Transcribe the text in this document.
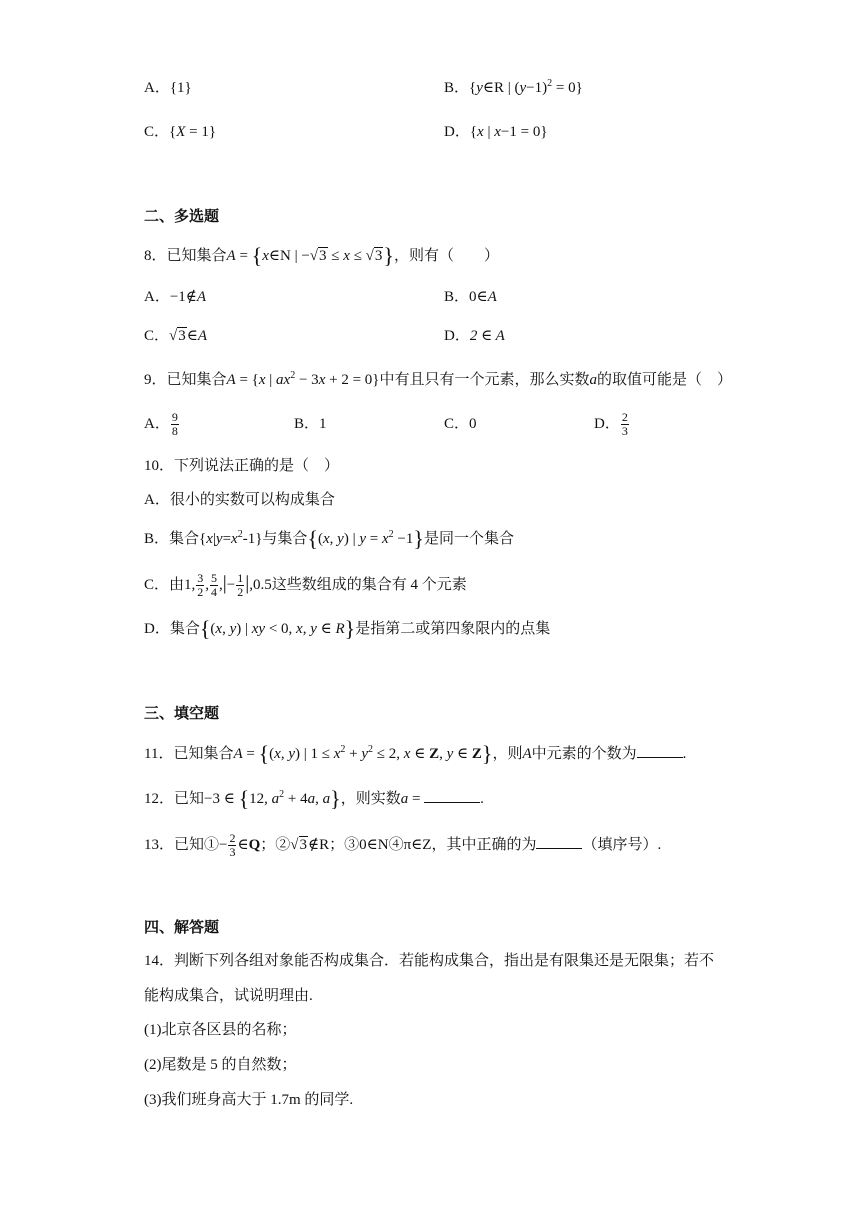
A．{1}	B．{y∈R | $(y-1)^2 = 0$}
C．{X = 1}	D．{x | x−1 = 0}
二、多选题
8．已知集合A = {x∈N | −√3 ≤ x ≤ √3}，则有（　　）
A．−1∉A	B．0∈A
C．√3∈A	D．2 ∈ A
9．已知集合A = {x | $ax^2 - 3x + 2 = 0$}中有且只有一个元素，那么实数a的取值可能是（　）
A． $\frac{9}{8}$	B．1	C．0	D． $\frac{2}{3}$
10．下列说法正确的是（　）
A．很小的实数可以构成集合
B．集合$\{x|y=x^2-1\}$与集合{(x, y) | $y = x^2 -1$}是同一个集合
C．由1, $\frac{3}{2}$ , $\frac{5}{4}$ ,|− $\frac{1}{2} |,0.5$这些数组成的集合有 4 个元素
D．集合{(x, y) | xy < 0, x, y ∈ R}是指第二或第四象限内的点集
三、填空题
11．已知集合A = {(x, y) | $1 \le x^2 + y^2 \le 2$, x ∈ Z, y ∈ Z}，则A中元素的个数为	.
12．已知−3 ∈ {12, $a^2 + 4a$, a}，则实数a =	.
13．已知①− $\frac{2}{3}$ ∈Q；②√3∉R；③0∈N④π∈Z，其中正确的为	（填序号）.
四、解答题
14．判断下列各组对象能否构成集合．若能构成集合，指出是有限集还是无限集；若不
能构成集合，试说明理由.
(1)北京各区县的名称；
(2)尾数是 5 的自然数；
(3)我们班身高大于 1.7m 的同学.
